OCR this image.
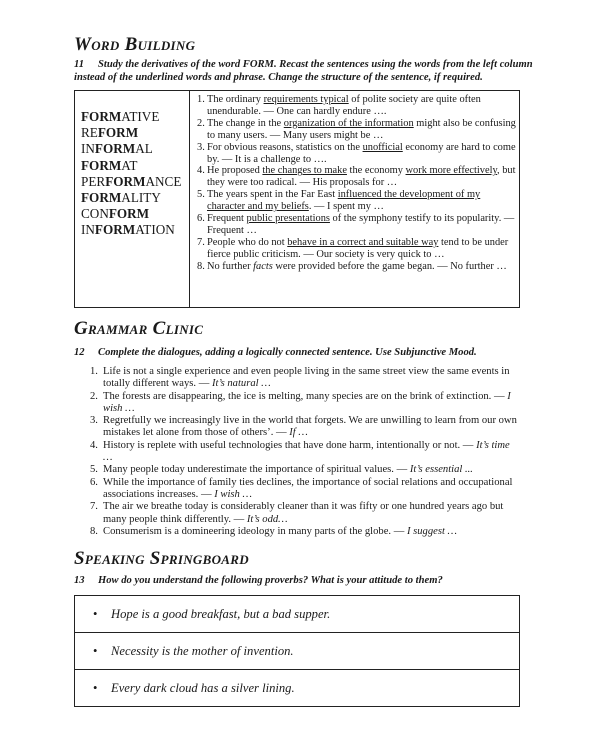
Word Building

11 Study the derivatives of the word FORM. Recast the sentences using the words from the left column instead of the underlined words and phrase. Change the structure of the sentence, if required.

FORMATIVE
REFORM
INFORMAL
FORMAT
PERFORMANCE
FORMALITY
CONFORM
INFORMATION
1. The ordinary requirements typical of polite society are quite often unendurable. — One can hardly endure ….
2. The change in the organization of the information might also be confusing to many users. — Many users might be …
3. For obvious reasons, statistics on the unofficial economy are hard to come by. — It is a challenge to ….
4. He proposed the changes to make the economy work more effectively, but they were too radical. — His proposals for …
5. The years spent in the Far East influenced the development of my character and my beliefs. — I spent my …
6. Frequent public presentations of the symphony testify to its popularity. — Frequent …
7. People who do not behave in a correct and suitable way tend to be under fierce public criticism. — Our society is very quick to …
8. No further facts were provided before the game began. — No further …
Grammar Clinic

12 Complete the dialogues, adding a logically connected sentence. Use Subjunctive Mood.

1. Life is not a single experience and even people living in the same street view the same events in totally different ways. — It’s natural …
2. The forests are disappearing, the ice is melting, many species are on the brink of extinction. — I wish …
3. Regretfully we increasingly live in the world that forgets. We are unwilling to learn from our own mistakes let alone from those of others’. — If …
4. History is replete with useful technologies that have done harm, intentionally or not. — It’s time …
5. Many people today underestimate the importance of spiritual values. — It’s essential ...
6. While the importance of family ties declines, the importance of social relations and occupational associations increases. — I wish …
7. The air we breathe today is considerably cleaner than it was fifty or one hundred years ago but many people think differently. — It’s odd…
8. Consumerism is a domineering ideology in many parts of the globe. — I suggest …
Speaking Springboard

13 How do you understand the following proverbs? What is your attitude to them?

•	Hope is a good breakfast, but a bad supper.
•	Necessity is the mother of invention.
•	Every dark cloud has a silver lining.
